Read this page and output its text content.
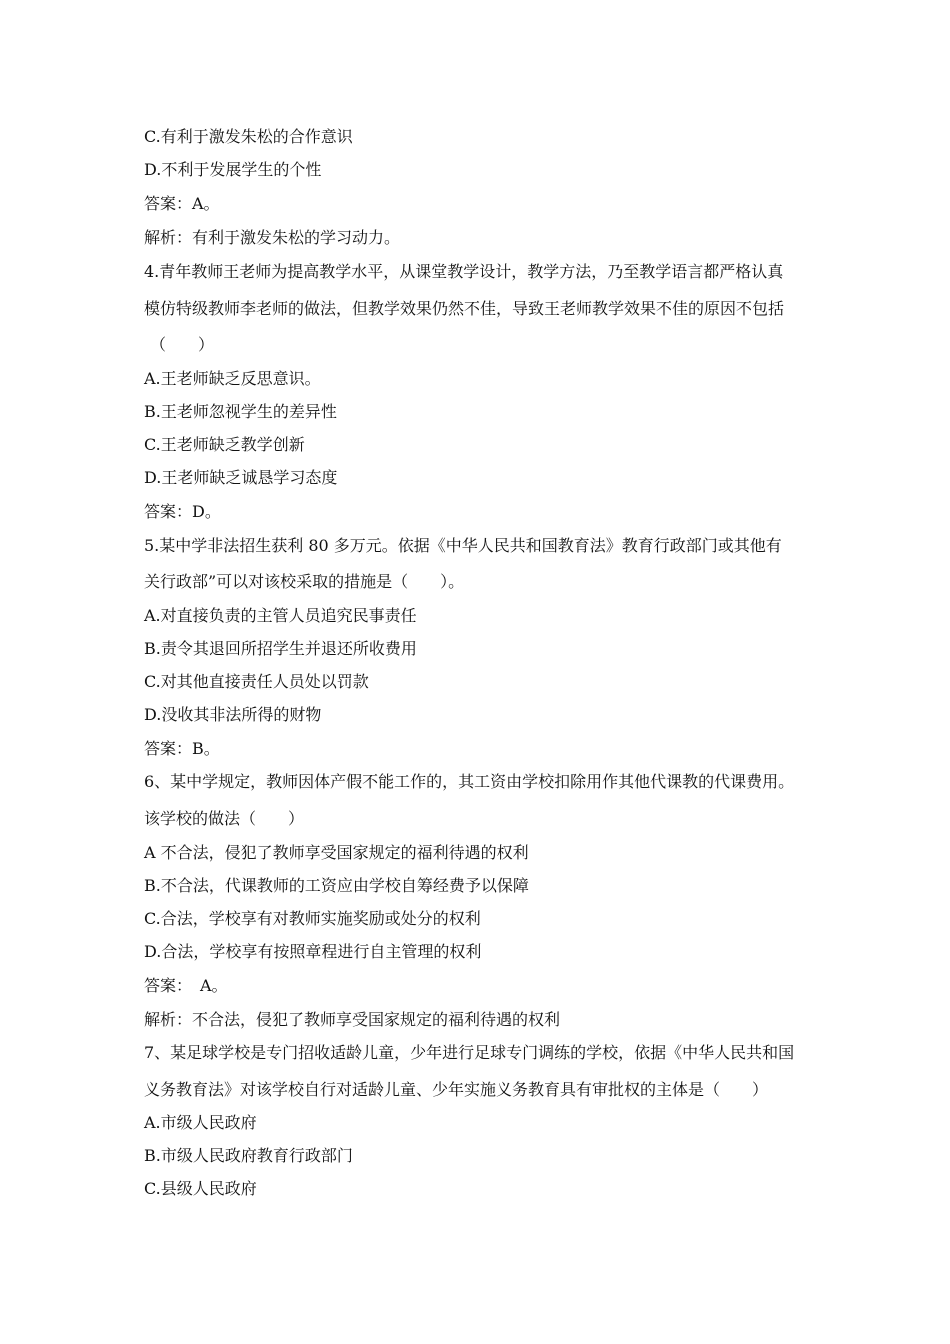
C.有利于激发朱松的合作意识
D.不利于发展学生的个性
答案：A。
解析：有利于激发朱松的学习动力。
4.青年教师王老师为提高教学水平，从课堂教学设计，教学方法，乃至教学语言都严格认真
模仿特级教师李老师的做法，但教学效果仍然不佳，导致王老师教学效果不佳的原因不包括
（　　）
A.王老师缺乏反思意识。
B.王老师忽视学生的差异性
C.王老师缺乏教学创新
D.王老师缺乏诚恳学习态度
答案：D。
5.某中学非法招生获利 80 多万元。依据《中华人民共和国教育法》教育行政部门或其他有
关行政部”可以对该校采取的措施是（　　）。
A.对直接负责的主管人员追究民事责任
B.责令其退回所招学生并退还所收费用
C.对其他直接责任人员处以罚款
D.没收其非法所得的财物
答案：B。
6、某中学规定，教师因体产假不能工作的，其工资由学校扣除用作其他代课教的代课费用。
该学校的做法（　　）
A 不合法，侵犯了教师享受国家规定的福利待遇的权利
B.不合法，代课教师的工资应由学校自筹经费予以保障
C.合法，学校享有对教师实施奖励或处分的权利
D.合法，学校享有按照章程进行自主管理的权利
答案：　A。
解析：不合法，侵犯了教师享受国家规定的福利待遇的权利
7、某足球学校是专门招收适龄儿童，少年进行足球专门调练的学校，依据《中华人民共和国
义务教育法》对该学校自行对适龄儿童、少年实施义务教育具有审批权的主体是（　　）
A.市级人民政府
B.市级人民政府教育行政部门
C.县级人民政府
